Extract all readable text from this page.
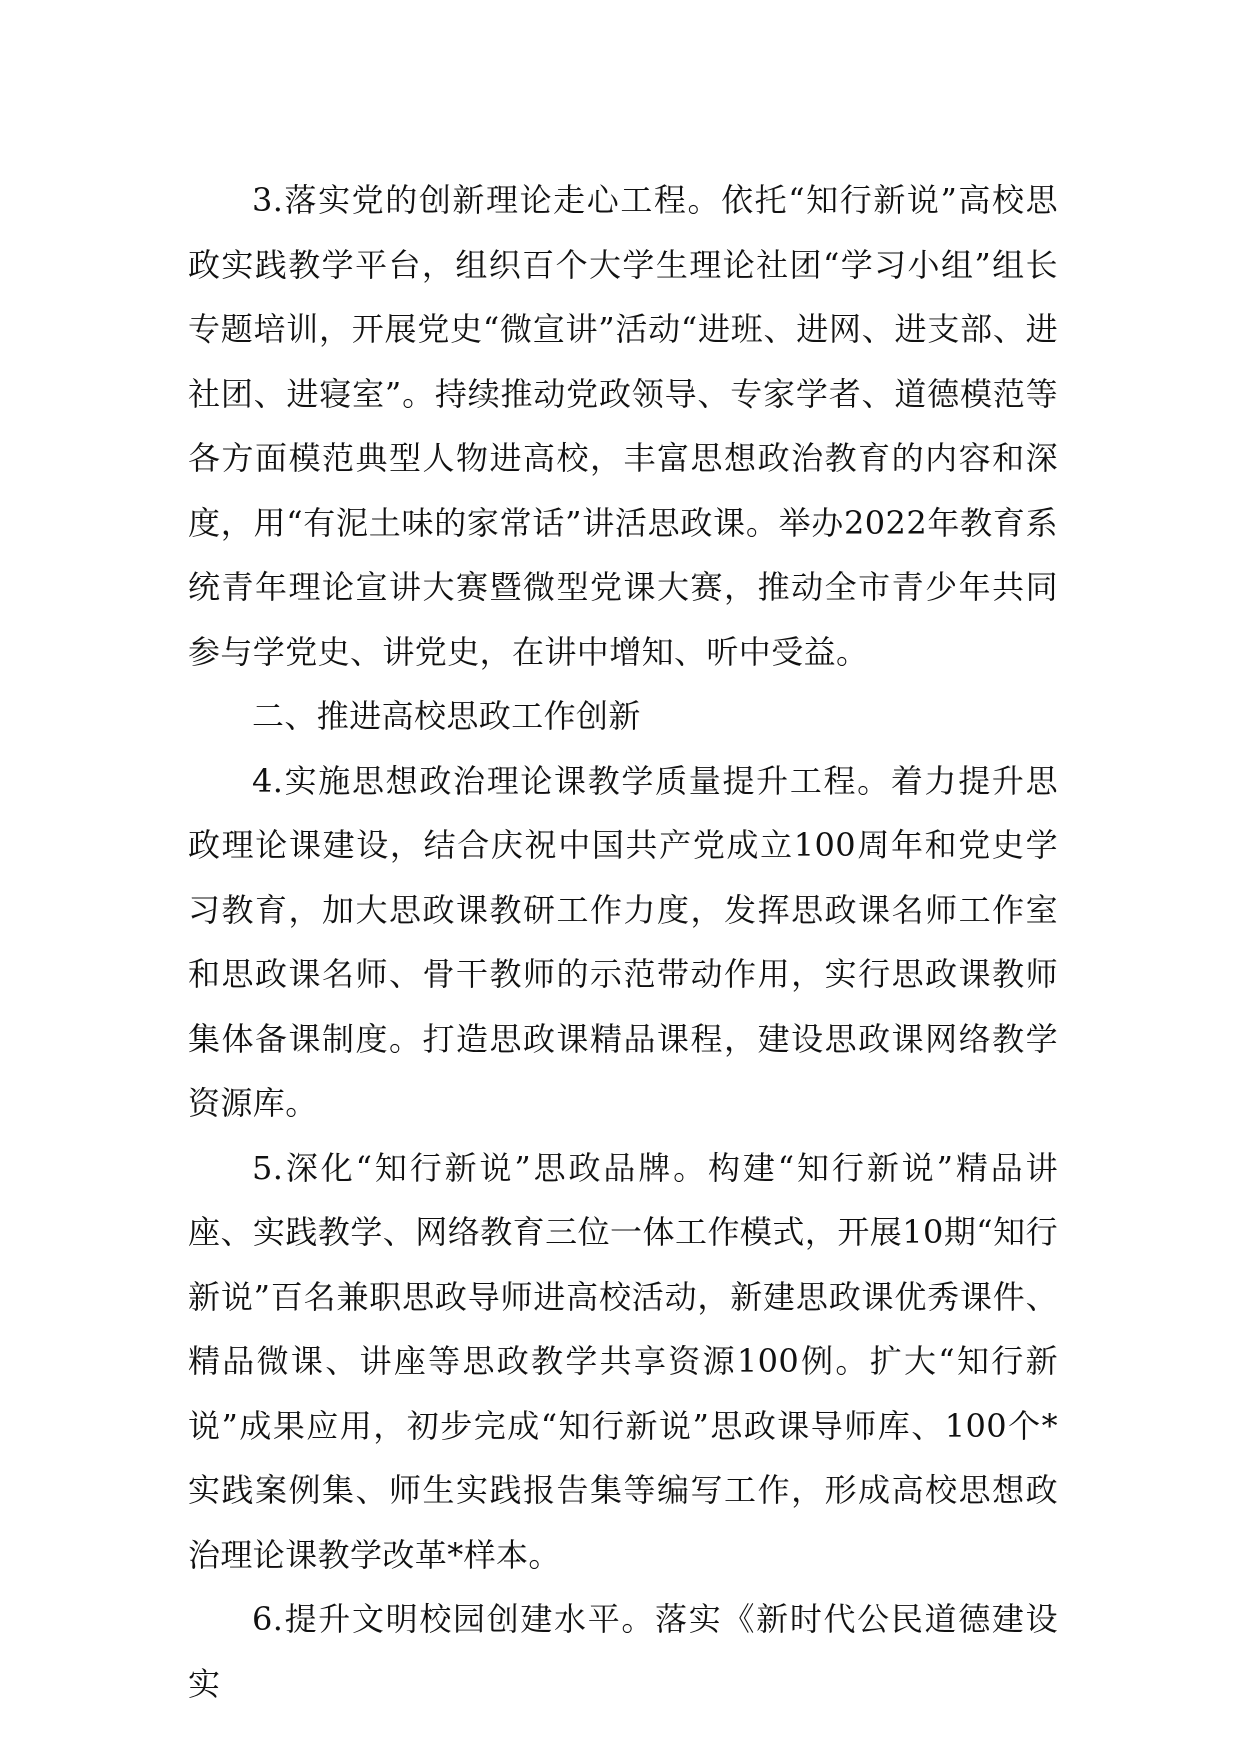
3.落实党的创新理论走心工程。依托“知行新说”高校思政实践教学平台，组织百个大学生理论社团“学习小组”组长专题培训，开展党史“微宣讲”活动“进班、进网、进支部、进社团、进寝室”。持续推动党政领导、专家学者、道德模范等各方面模范典型人物进高校，丰富思想政治教育的内容和深度，用“有泥土味的家常话”讲活思政课。举办2022年教育系统青年理论宣讲大赛暨微型党课大赛，推动全市青少年共同参与学党史、讲党史，在讲中增知、听中受益。

二、推进高校思政工作创新

4.实施思想政治理论课教学质量提升工程。着力提升思政理论课建设，结合庆祝中国共产党成立100周年和党史学习教育，加大思政课教研工作力度，发挥思政课名师工作室和思政课名师、骨干教师的示范带动作用，实行思政课教师集体备课制度。打造思政课精品课程，建设思政课网络教学资源库。

5.深化“知行新说”思政品牌。构建“知行新说”精品讲座、实践教学、网络教育三位一体工作模式，开展10期“知行新说”百名兼职思政导师进高校活动，新建思政课优秀课件、精品微课、讲座等思政教学共享资源100例。扩大“知行新说”成果应用，初步完成“知行新说”思政课导师库、100个*实践案例集、师生实践报告集等编写工作，形成高校思想政治理论课教学改革*样本。

6.提升文明校园创建水平。落实《新时代公民道德建设实
